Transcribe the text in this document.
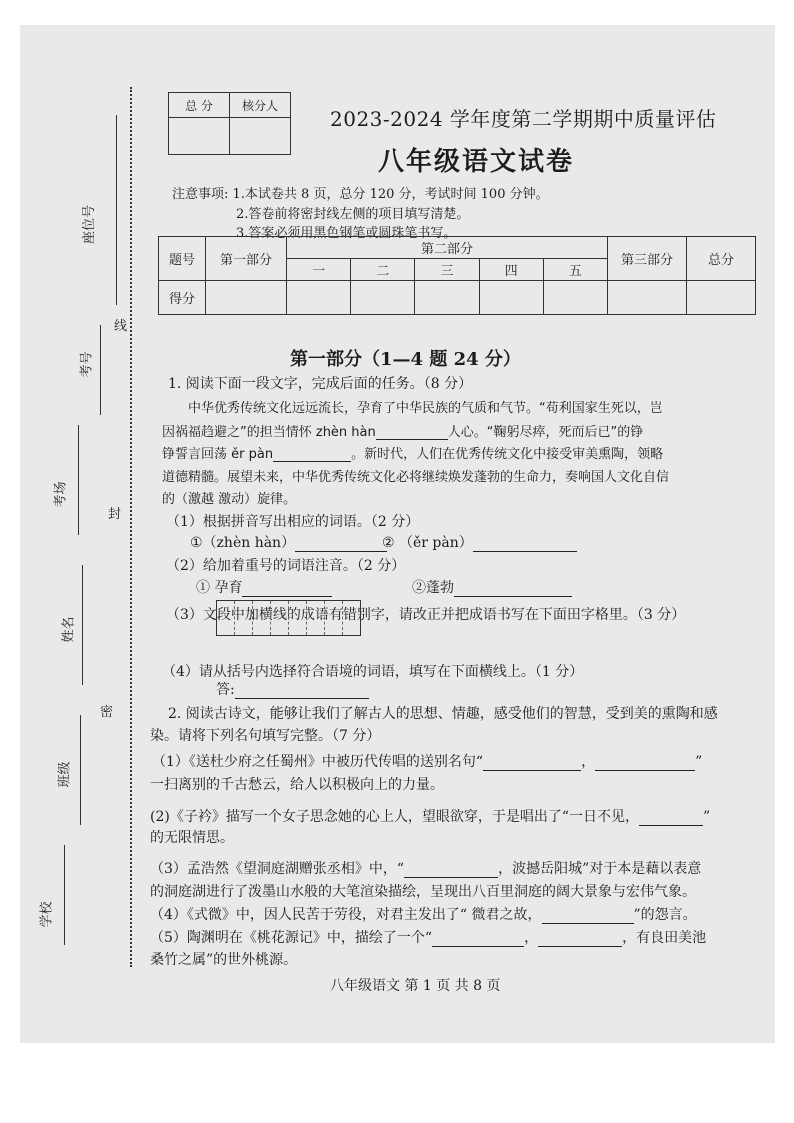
座位号
考号
考场
姓名
班级
学校
线
封
密
总 分	核分人

2023-2024 学年度第二学期期中质量评估
八年级语文试卷
注意事项: 1.本试卷共 8 页，总分 120 分，考试时间 100 分钟。
2.答卷前将密封线左侧的项目填写清楚。
3.答案必须用黑色钢笔或圆珠笔书写。
题号	第一部分	第二部分					第三部分	总分
		一	二	三	四	五		
得分								
第一部分（1—4 题 24 分）
1. 阅读下面一段文字，完成后面的任务。（8 分）
中华优秀传统文化远远流长，孕育了中华民族的气质和气节。“苟利国家生死以，岂
因祸福趋避之”的担当情怀 zhèn hàn	人心。“鞠躬尽瘁，死而后已”的铮
铮誓言回荡 ěr pàn	。新时代，人们在优秀传统文化中接受审美熏陶，领略
道德精髓。展望未来，中华优秀传统文化必将继续焕发蓬勃的生命力，奏响国人文化自信
的（激越 激动）旋律。
（1）根据拼音写出相应的词语。（2 分）
①（zhèn hàn）	② （ěr pàn）
（2）给加着重号的词语注音。（2 分）
① 孕育	②蓬勃
（3）文段中加横线的成语有错别字，请改正并把成语书写在下面田字格里。（3 分）
（4）请从括号内选择符合语境的词语，填写在下面横线上。（1 分）
答:
2. 阅读古诗文，能够让我们了解古人的思想、情趣，感受他们的智慧，受到美的熏陶和感
染。请将下列名句填写完整。（7 分）
（1）《送杜少府之任蜀州》中被历代传唱的送别名句“	，	”
一扫离别的千古愁云，给人以积极向上的力量。
(2)《子衿》描写一个女子思念她的心上人，望眼欲穿，于是唱出了“一日不见，	”
的无限情思。
（3）孟浩然《望洞庭湖赠张丞相》中，“	，波撼岳阳城”对于本是藉以表意
的洞庭湖进行了泼墨山水般的大笔渲染描绘，呈现出八百里洞庭的阔大景象与宏伟气象。
（4）《式微》中，因人民苦于劳役，对君主发出了“ 微君之故，	”的怨言。
（5）陶渊明在《桃花源记》中，描绘了一个“	，	，有良田美池
桑竹之属”的世外桃源。
八年级语文 第 1 页 共 8 页
